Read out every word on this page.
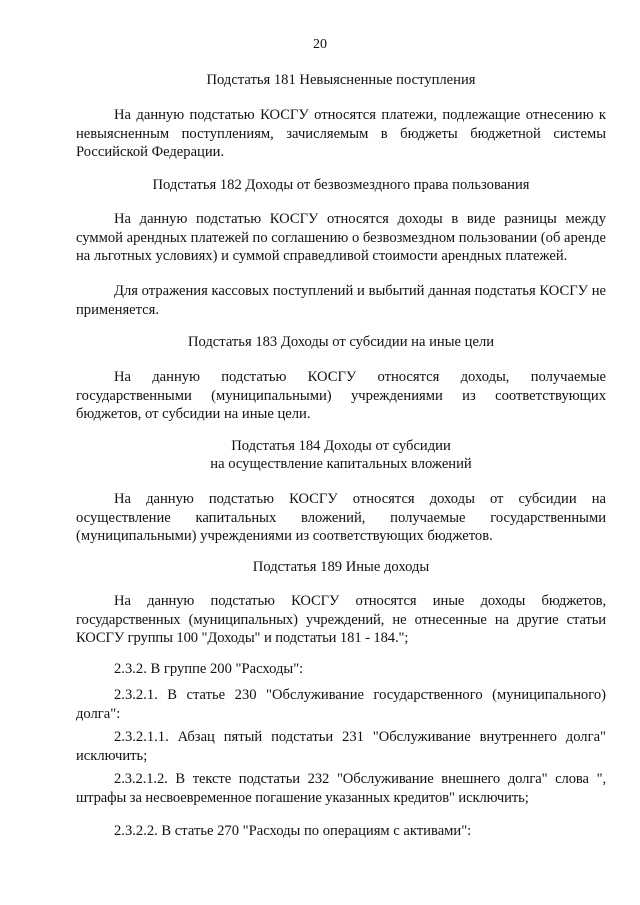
20
Подстатья 181 Невыясненные поступления
На данную подстатью КОСГУ относятся платежи, подлежащие отнесению к невыясненным поступлениям, зачисляемым в бюджеты бюджетной системы Российской Федерации.
Подстатья 182 Доходы от безвозмездного права пользования
На данную подстатью КОСГУ относятся доходы в виде разницы между суммой арендных платежей по соглашению о безвозмездном пользовании (об аренде на льготных условиях) и суммой справедливой стоимости арендных платежей.
Для отражения кассовых поступлений и выбытий данная подстатья КОСГУ не применяется.
Подстатья 183 Доходы от субсидии на иные цели
На данную подстатью КОСГУ относятся доходы, получаемые государственными (муниципальными) учреждениями из соответствующих бюджетов, от субсидии на иные цели.
Подстатья 184 Доходы от субсидии
на осуществление капитальных вложений
На данную подстатью КОСГУ относятся доходы от субсидии на осуществление капитальных вложений, получаемые государственными (муниципальными) учреждениями из соответствующих бюджетов.
Подстатья 189 Иные доходы
На данную подстатью КОСГУ относятся иные доходы бюджетов, государственных (муниципальных) учреждений, не отнесенные на другие статьи КОСГУ группы 100 "Доходы" и подстатьи 181 - 184.";
2.3.2. В группе 200 "Расходы":
2.3.2.1. В статье 230 "Обслуживание государственного (муниципального) долга":
2.3.2.1.1. Абзац пятый подстатьи 231 "Обслуживание внутреннего долга" исключить;
2.3.2.1.2. В тексте подстатьи 232 "Обслуживание внешнего долга" слова ", штрафы за несвоевременное погашение указанных кредитов" исключить;
2.3.2.2. В статье 270 "Расходы по операциям с активами":
